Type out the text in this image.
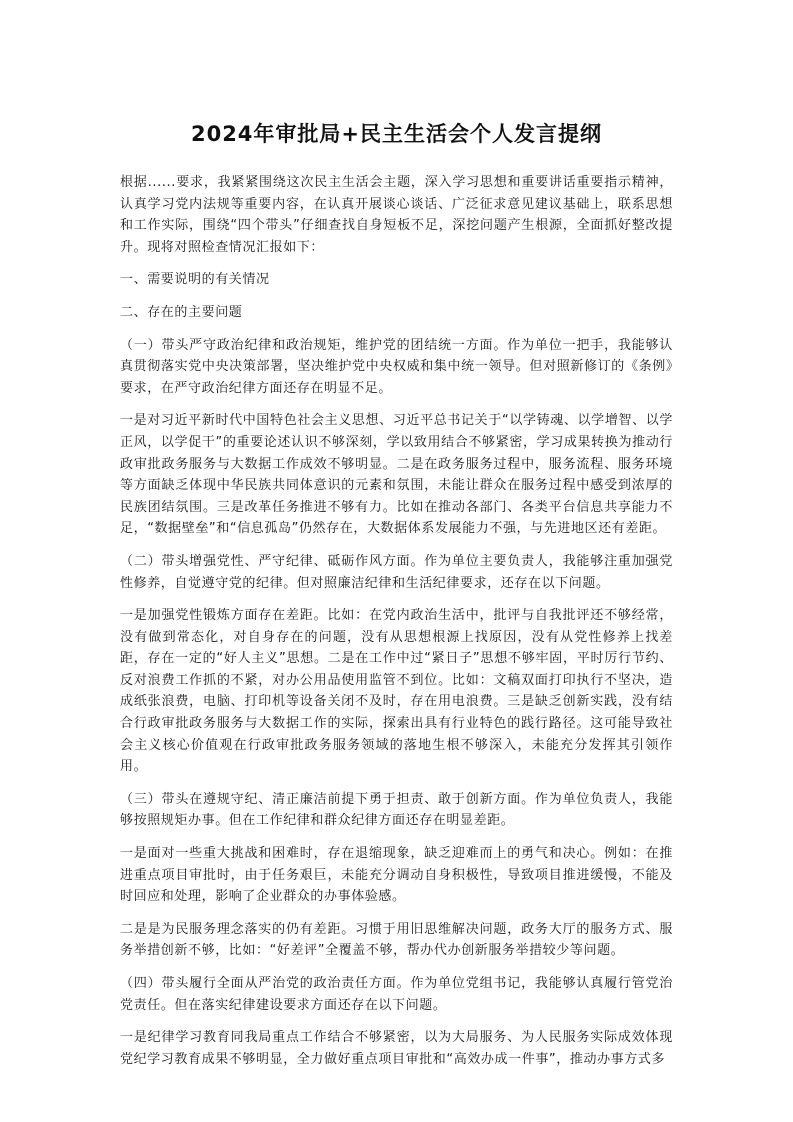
2024年审批局+民主生活会个人发言提纲

根据......要求，我紧紧围绕这次民主生活会主题，深入学习思想和重要讲话重要指示精神，认真学习党内法规等重要内容，在认真开展谈心谈话、广泛征求意见建议基础上，联系思想和工作实际，围绕“四个带头”仔细查找自身短板不足，深挖问题产生根源，全面抓好整改提升。现将对照检查情况汇报如下：

一、需要说明的有关情况

二、存在的主要问题

（一）带头严守政治纪律和政治规矩，维护党的团结统一方面。作为单位一把手，我能够认真贯彻落实党中央决策部署，坚决维护党中央权威和集中统一领导。但对照新修订的《条例》要求，在严守政治纪律方面还存在明显不足。

一是对习近平新时代中国特色社会主义思想、习近平总书记关于“以学铸魂、以学增智、以学正风，以学促干”的重要论述认识不够深刻，学以致用结合不够紧密，学习成果转换为推动行政审批政务服务与大数据工作成效不够明显。二是在政务服务过程中，服务流程、服务环境等方面缺乏体现中华民族共同体意识的元素和氛围，未能让群众在服务过程中感受到浓厚的民族团结氛围。三是改革任务推进不够有力。比如在推动各部门、各类平台信息共享能力不足，“数据壁垒”和“信息孤岛”仍然存在，大数据体系发展能力不强，与先进地区还有差距。

（二）带头增强党性、严守纪律、砥砺作风方面。作为单位主要负责人，我能够注重加强党性修养，自觉遵守党的纪律。但对照廉洁纪律和生活纪律要求，还存在以下问题。

一是加强党性锻炼方面存在差距。比如：在党内政治生活中，批评与自我批评还不够经常，没有做到常态化，对自身存在的问题，没有从思想根源上找原因，没有从党性修养上找差距，存在一定的“好人主义”思想。二是在工作中过“紧日子”思想不够牢固，平时厉行节约、反对浪费工作抓的不紧，对办公用品使用监管不到位。比如：文稿双面打印执行不坚决，造成纸张浪费，电脑、打印机等设备关闭不及时，存在用电浪费。三是缺乏创新实践，没有结合行政审批政务服务与大数据工作的实际，探索出具有行业特色的践行路径。这可能导致社会主义核心价值观在行政审批政务服务领域的落地生根不够深入，未能充分发挥其引领作用。

（三）带头在遵规守纪、清正廉洁前提下勇于担责、敢于创新方面。作为单位负责人，我能够按照规矩办事。但在工作纪律和群众纪律方面还存在明显差距。

一是面对一些重大挑战和困难时，存在退缩现象，缺乏迎难而上的勇气和决心。例如：在推进重点项目审批时，由于任务艰巨，未能充分调动自身积极性，导致项目推进缓慢，不能及时回应和处理，影响了企业群众的办事体验感。

二是是为民服务理念落实的仍有差距。习惯于用旧思维解决问题，政务大厅的服务方式、服务举措创新不够，比如：“好差评”全覆盖不够，帮办代办创新服务举措较少等问题。

（四）带头履行全面从严治党的政治责任方面。作为单位党组书记，我能够认真履行管党治党责任。但在落实纪律建设要求方面还存在以下问题。

一是纪律学习教育同我局重点工作结合不够紧密，以为大局服务、为人民服务实际成效体现党纪学习教育成果不够明显，全力做好重点项目审批和“高效办成一件事”，推动办事方式多
